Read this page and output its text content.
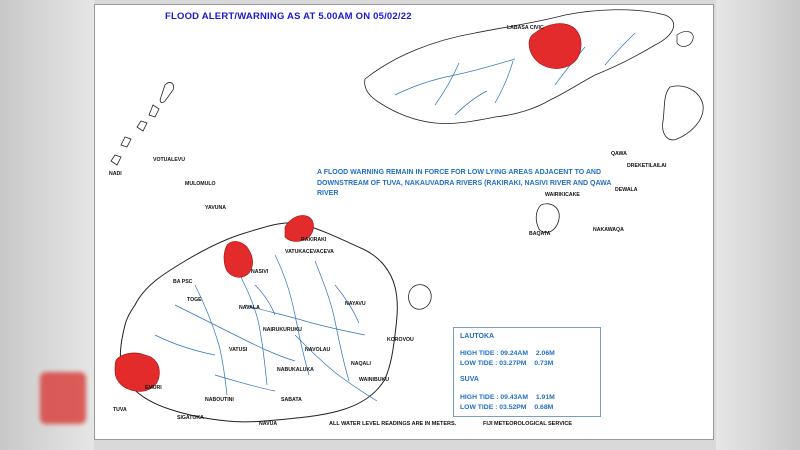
FLOOD ALERT/WARNING AS AT 5.00AM ON 05/02/22
A FLOOD WARNING REMAIN IN FORCE FOR LOW LYING AREAS ADJACENT TO AND DOWNSTREAM OF TUVA, NAKAUVADRA RIVERS (RAKIRAKI, NASIVI RIVER AND QAWA RIVER
LABASA CIVIC
VOTUALEVU
NADI
MULOMULO
YAVUNA
QAWA
DREKETILAILAI
DEWALA
WAIRIKICAKE
BAQATA
NAKAWAQA
RAKIRAKI
VATUKACEVACEVA
NASIVI
BA PSC
TOGE
NAVALA
NAYAVU
NAIRUKURUKU
KOROVOU
VATUSI	NAVOLAU
NAQALI
NABUKALUKA
EMURI
WAINIBUKU
NABOUTINI	SABATA
TUVA
SIGATOKA
NAVUA
LAUTOKA
HIGH TIDE : 09.24AM 2.06M
LOW TIDE : 03.27PM 0.73M
SUVA
HIGH TIDE : 09.43AM 1.91M
LOW TIDE : 03.52PM 0.68M
ALL WATER LEVEL READINGS ARE IN METERS.	FIJI METEOROLOGICAL SERVICE
